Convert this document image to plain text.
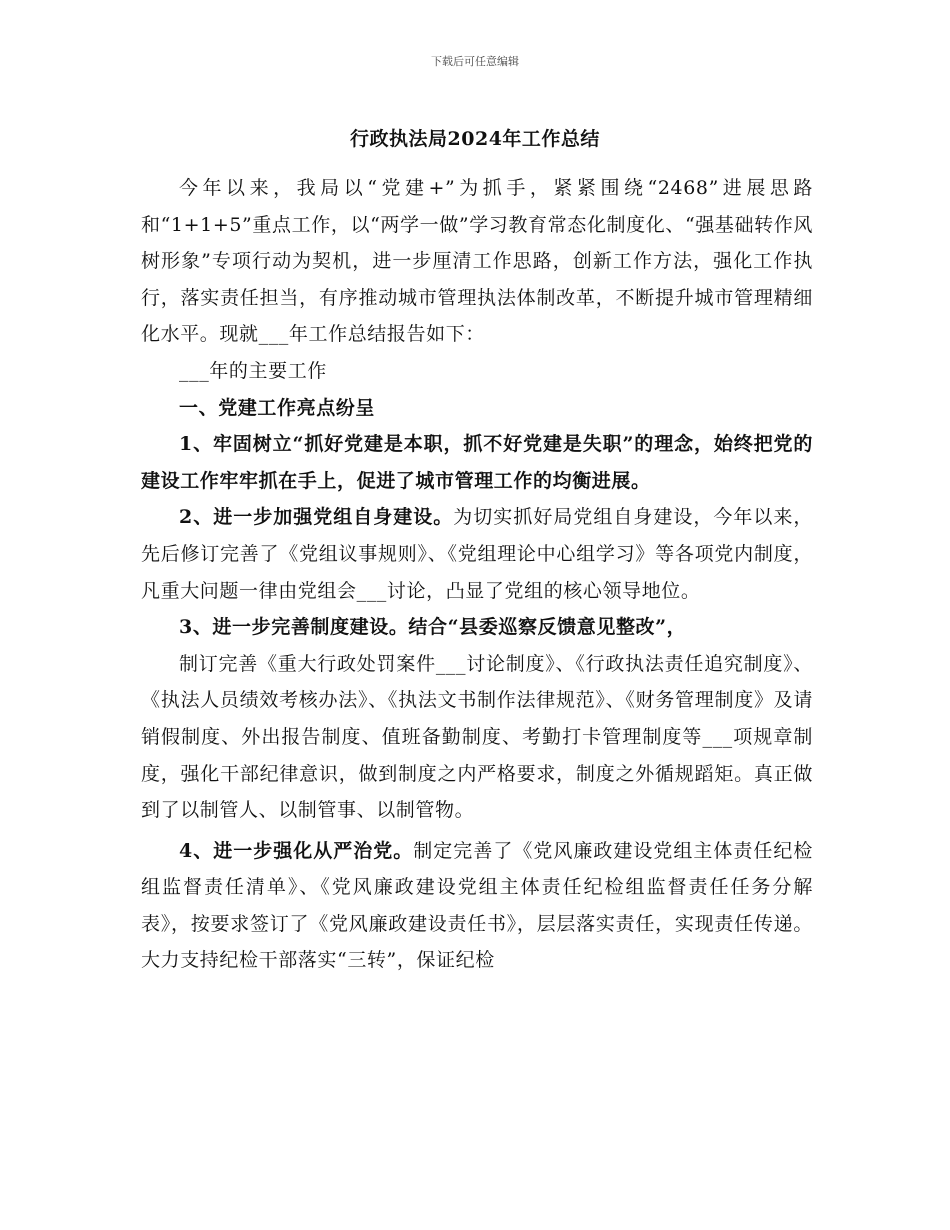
下载后可任意编辑
行政执法局2024年工作总结

今年以来，我局以“党建+”为抓手，紧紧围绕“2468”进展思路和“1+1+5”重点工作，以“两学一做”学习教育常态化制度化、“强基础转作风树形象”专项行动为契机，进一步厘清工作思路，创新工作方法，强化工作执行，落实责任担当，有序推动城市管理执法体制改革，不断提升城市管理精细化水平。现就___年工作总结报告如下：

___年的主要工作

一、党建工作亮点纷呈

1、牢固树立“抓好党建是本职，抓不好党建是失职”的理念，始终把党的建设工作牢牢抓在手上，促进了城市管理工作的均衡进展。

2、进一步加强党组自身建设。为切实抓好局党组自身建设，今年以来，先后修订完善了《党组议事规则》、《党组理论中心组学习》等各项党内制度，凡重大问题一律由党组会___讨论，凸显了党组的核心领导地位。

3、进一步完善制度建设。结合“县委巡察反馈意见整改”，

制订完善《重大行政处罚案件___讨论制度》、《行政执法责任追究制度》、《执法人员绩效考核办法》、《执法文书制作法律规范》、《财务管理制度》及请销假制度、外出报告制度、值班备勤制度、考勤打卡管理制度等___项规章制度，强化干部纪律意识，做到制度之内严格要求，制度之外循规蹈矩。真正做到了以制管人、以制管事、以制管物。

4、进一步强化从严治党。制定完善了《党风廉政建设党组主体责任纪检组监督责任清单》、《党风廉政建设党组主体责任纪检组监督责任任务分解表》，按要求签订了《党风廉政建设责任书》，层层落实责任，实现责任传递。大力支持纪检干部落实“三转”，保证纪检
